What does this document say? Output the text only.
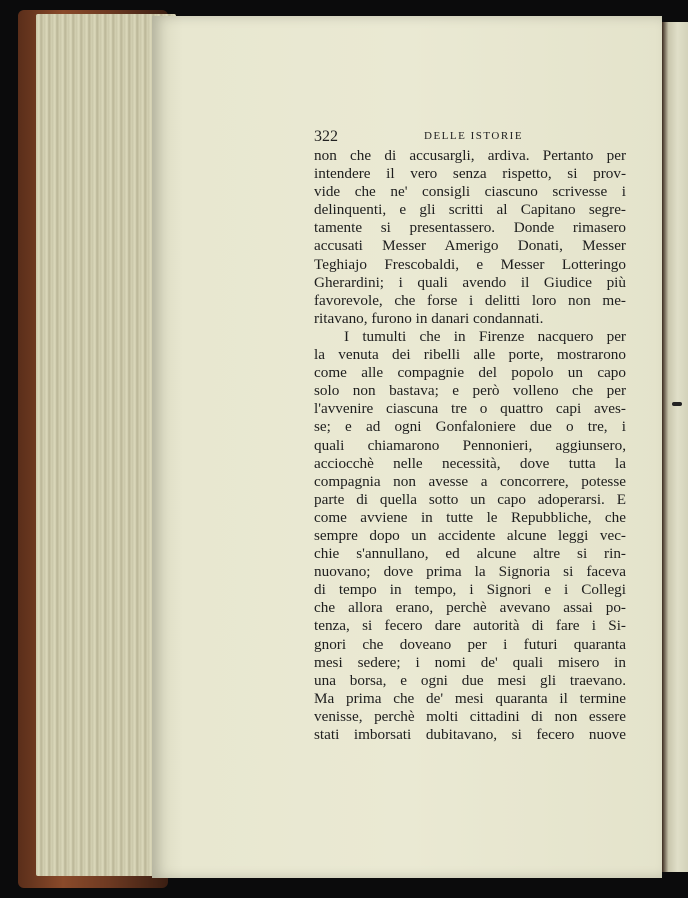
322	DELLE ISTORIE
non che di accusargli, ardiva. Pertanto per
intendere il vero senza rispetto, si prov-
vide che ne' consigli ciascuno scrivesse i
delinquenti, e gli scritti al Capitano segre-
tamente si presentassero. Donde rimasero
accusati Messer Amerigo Donati, Messer
Teghiajo Frescobaldi, e Messer Lotteringo
Gherardini; i quali avendo il Giudice più
favorevole, che forse i delitti loro non me-
ritavano, furono in danari condannati.
I tumulti che in Firenze nacquero per
la venuta dei ribelli alle porte, mostrarono
come alle compagnie del popolo un capo
solo non bastava; e però volleno che per
l'avvenire ciascuna tre o quattro capi aves-
se; e ad ogni Gonfaloniere due o tre, i
quali chiamarono Pennonieri, aggiunsero,
acciocchè nelle necessità, dove tutta la
compagnia non avesse a concorrere, potesse
parte di quella sotto un capo adoperarsi. E
come avviene in tutte le Repubbliche, che
sempre dopo un accidente alcune leggi vec-
chie s'annullano, ed alcune altre si rin-
nuovano; dove prima la Signoria si faceva
di tempo in tempo, i Signori e i Collegi
che allora erano, perchè avevano assai po-
tenza, si fecero dare autorità di fare i Si-
gnori che doveano per i futuri quaranta
mesi sedere; i nomi de' quali misero in
una borsa, e ogni due mesi gli traevano.
Ma prima che de' mesi quaranta il termine
venisse, perchè molti cittadini di non essere
stati imborsati dubitavano, si fecero nuove
